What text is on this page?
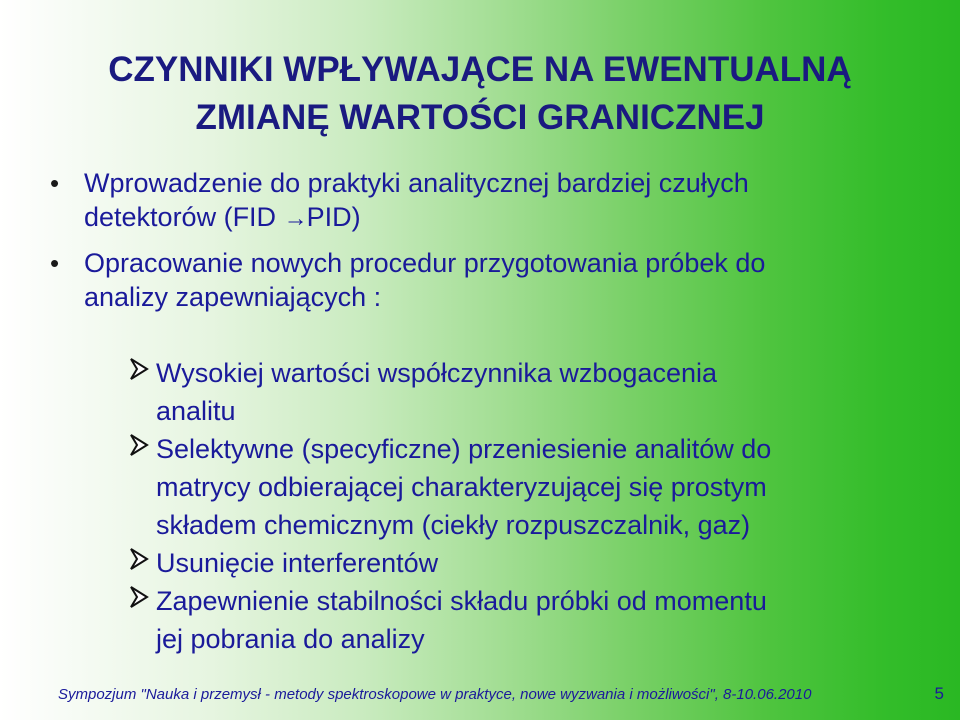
CZYNNIKI WPŁYWAJĄCE NA EWENTUALNĄ
ZMIANĘ WARTOŚCI GRANICZNEJ
• Wprowadzenie do praktyki analitycznej bardziej czułych
detektorów (FID →PID)
• Opracowanie nowych procedur przygotowania próbek do
analizy zapewniających :
Wysokiej wartości współczynnika wzbogacenia
analitu
Selektywne (specyficzne) przeniesienie analitów do
matrycy odbierającej charakteryzującej się prostym
składem chemicznym (ciekły rozpuszczalnik, gaz)
Usunięcie interferentów
Zapewnienie stabilności składu próbki od momentu
jej pobrania do analizy
Sympozjum "Nauka i przemysł - metody spektroskopowe w praktyce, nowe wyzwania i możliwości", 8-10.06.2010	5
